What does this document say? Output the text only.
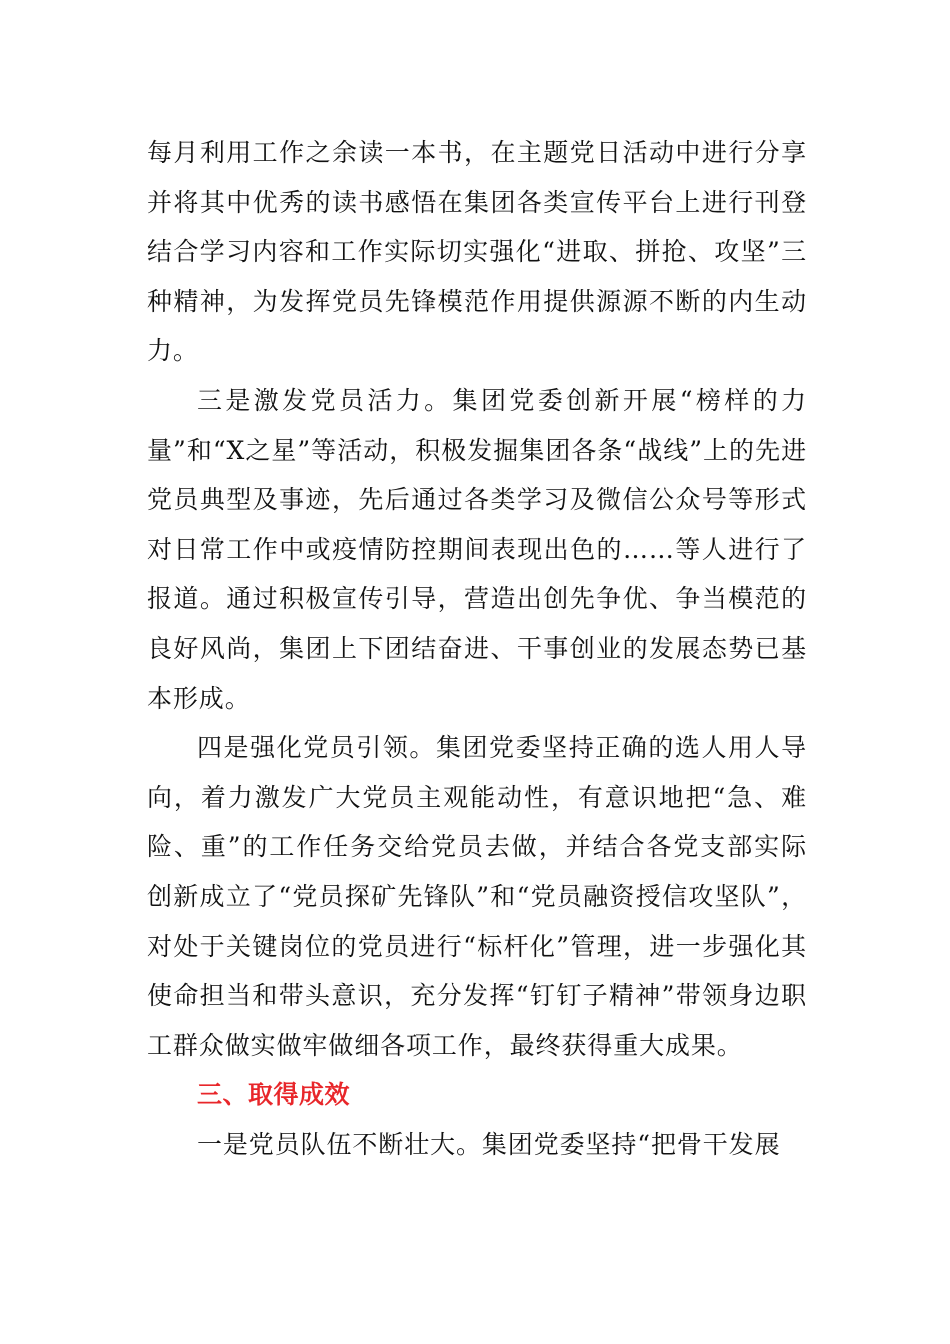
每月利用工作之余读一本书，在主题党日活动中进行分享并将其中优秀的读书感悟在集团各类宣传平台上进行刊登结合学习内容和工作实际切实强化“进取、拼抢、攻坚”三种精神，为发挥党员先锋模范作用提供源源不断的内生动力。

三是激发党员活力。集团党委创新开展“榜样的力量”和“X之星”等活动，积极发掘集团各条“战线”上的先进党员典型及事迹，先后通过各类学习及微信公众号等形式对日常工作中或疫情防控期间表现出色的……等人进行了报道。通过积极宣传引导，营造出创先争优、争当模范的良好风尚，集团上下团结奋进、干事创业的发展态势已基本形成。

四是强化党员引领。集团党委坚持正确的选人用人导向，着力激发广大党员主观能动性，有意识地把“急、难险、重”的工作任务交给党员去做，并结合各党支部实际创新成立了“党员探矿先锋队”和“党员融资授信攻坚队”，对处于关键岗位的党员进行“标杆化”管理，进一步强化其使命担当和带头意识，充分发挥“钉钉子精神”带领身边职工群众做实做牢做细各项工作，最终获得重大成果。

三、取得成效

一是党员队伍不断壮大。集团党委坚持“把骨干发展
